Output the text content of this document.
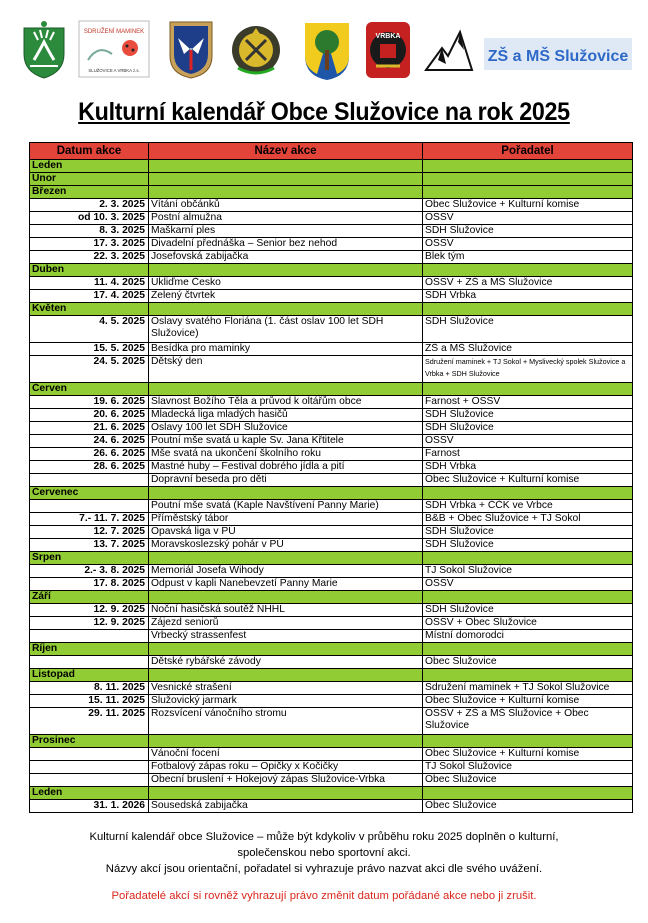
SDRUŽENÍ MAMINEK
SLUŽOVICE A VRBKA z.s.
VRBKA
ZŠ a MŠ Služovice
Kulturní kalendář Obce Služovice na rok 2025
Datum akce	Název akce	Pořadatel
Leden		
Únor		
Březen		
2. 3. 2025	Vítání občánků	Obec Služovice + Kulturní komise
od 10. 3. 2025	Postní almužna	OSSV
8. 3. 2025	Maškarní ples	SDH Služovice
17. 3. 2025	Divadelní přednáška – Senior bez nehod	OSSV
22. 3. 2025	Josefovská zabijačka	Blek tým
Duben		
11. 4. 2025	Ukliďme Česko	OSSV + ZŠ a MŠ Služovice
17. 4. 2025	Zelený čtvrtek	SDH Vrbka
Květen		
4. 5. 2025	Oslavy svatého Floriána (1. část oslav 100 let SDH Služovice)	SDH Služovice
15. 5. 2025	Besídka pro maminky	ZŠ a MŠ Služovice
24. 5. 2025	Dětský den	Sdružení maminek + TJ Sokol + Myslivecký spolek Služovice a Vrbka + SDH Služovice
Červen		
19. 6. 2025	Slavnost Božího Těla a průvod k oltářům obce	Farnost + OSSV
20. 6. 2025	Mladecká liga mladých hasičů	SDH Služovice
21. 6. 2025	Oslavy 100 let SDH Služovice	SDH Služovice
24. 6. 2025	Poutní mše svatá u kaple Sv. Jana Křtitele	OSSV
26. 6. 2025	Mše svatá na ukončení školního roku	Farnost
28. 6. 2025	Mastné huby – Festival dobrého jídla a pití	SDH Vrbka
	Dopravní beseda pro děti	Obec Služovice + Kulturní komise
Červenec		
	Poutní mše svatá (Kaple Navštívení Panny Marie)	SDH Vrbka + ČČK ve Vrbce
7.- 11. 7. 2025	Příměstský tábor	B&B + Obec Služovice + TJ Sokol
12. 7. 2025	Opavská liga v PÚ	SDH Služovice
13. 7. 2025	Moravskoslezský pohár v PÚ	SDH Služovice
Srpen		
2.- 3. 8. 2025	Memoriál Josefa Wihody	TJ Sokol Služovice
17. 8. 2025	Odpust v kapli Nanebevzetí Panny Marie	OSSV
Září		
12. 9. 2025	Noční hasičská soutěž NHHL	SDH Služovice
12. 9. 2025	Zájezd seniorů	OSSV + Obec Služovice
	Vrbecký strassenfest	Místní domorodci
Říjen		
	Dětské rybářské závody	Obec Služovice
Listopad		
8. 11. 2025	Vesnické strašení	Sdružení maminek + TJ Sokol Služovice
15. 11. 2025	Služovický jarmark	Obec Služovice + Kulturní komise
29. 11. 2025	Rozsvícení vánočního stromu	OSSV + ZŠ a MŠ Služovice + Obec Služovice
Prosinec		
	Vánoční focení	Obec Služovice + Kulturní komise
	Fotbalový zápas roku – Opičky x Kočičky	TJ Sokol Služovice
	Obecní bruslení + Hokejový zápas Služovice-Vrbka	Obec Služovice
Leden		
31. 1. 2026	Sousedská zabijačka	Obec Služovice
Kulturní kalendář obce Služovice – může být kdykoliv v průběhu roku 2025 doplněn o kulturní,
společenskou nebo sportovní akci.
Názvy akcí jsou orientační, pořadatel si vyhrazuje právo nazvat akci dle svého uvážení.
Pořadatelé akcí si rovněž vyhrazují právo změnit datum pořádané akce nebo ji zrušit.
